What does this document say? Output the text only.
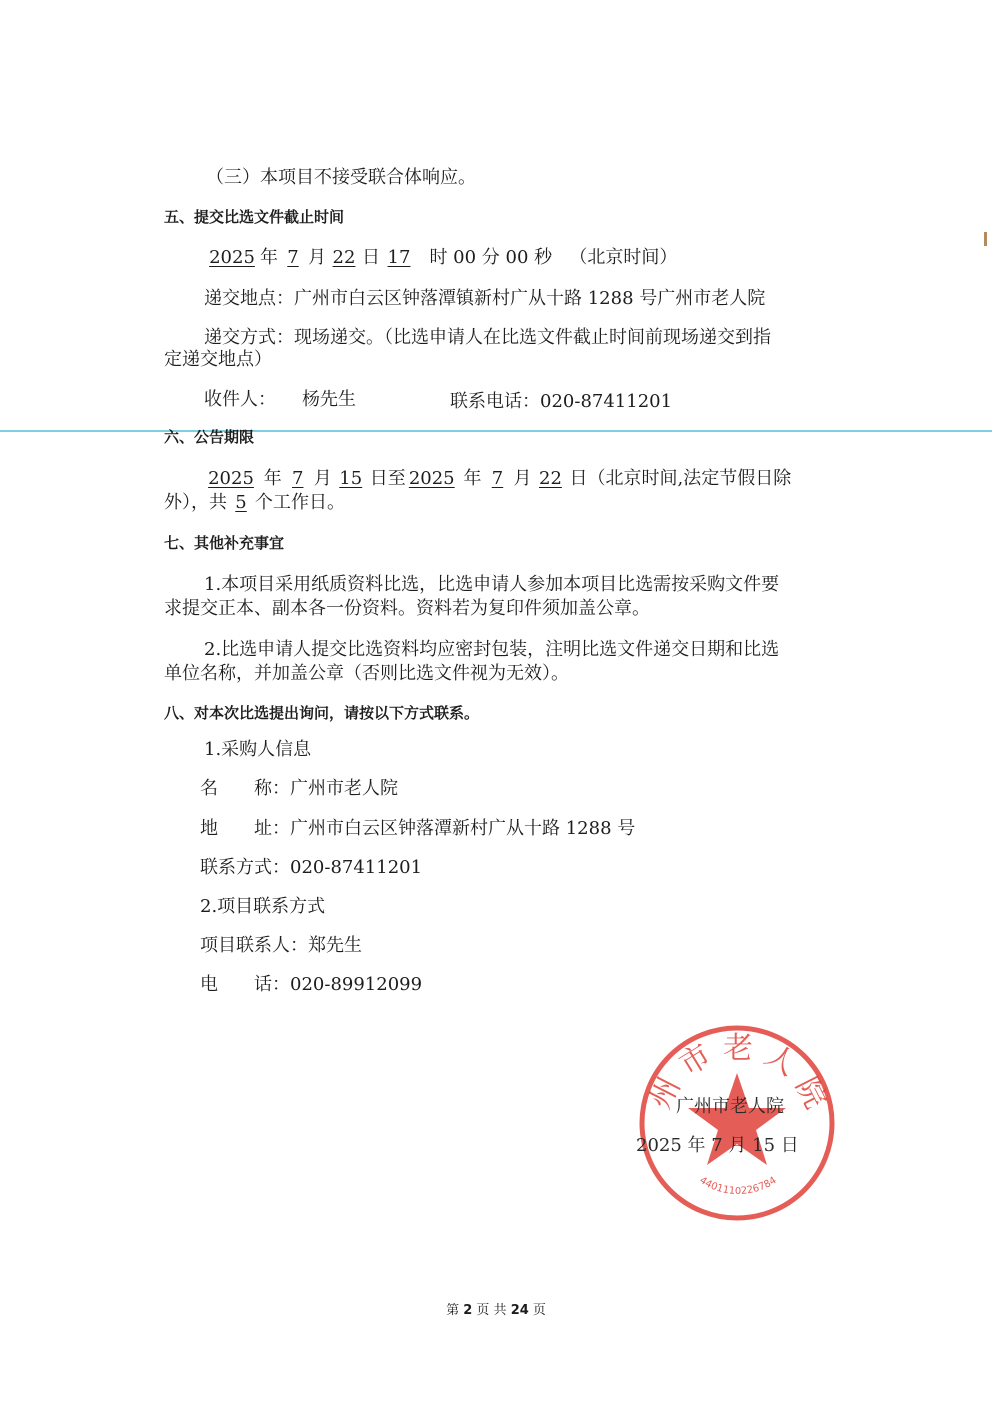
（三）本项目不接受联合体响应。
五、提交比选文件截止时间
2025 年 7 月 22 日 17 时 00 分 00 秒 （北京时间）
递交地点：广州市白云区钟落潭镇新村广从十路 1288 号广州市老人院
递交方式：现场递交。（比选申请人在比选文件截止时间前现场递交到指
定递交地点）
收件人： 杨先生	联系电话：020-87411201
六、公告期限
2025 年 7 月 15 日至 2025 年 7 月 22 日（北京时间,法定节假日除
外），共 5 个工作日。
七、其他补充事宜
1.本项目采用纸质资料比选，比选申请人参加本项目比选需按采购文件要
求提交正本、副本各一份资料。资料若为复印件须加盖公章。
2.比选申请人提交比选资料均应密封包装，注明比选文件递交日期和比选
单位名称，并加盖公章（否则比选文件视为无效）。
八、对本次比选提出询问，请按以下方式联系。
1.采购人信息
名　　称：广州市老人院
地　　址：广州市白云区钟落潭新村广从十路 1288 号
联系方式：020-87411201
2.项目联系方式
项目联系人：郑先生
电　　话：020-89912099
州 市 老 人 院
4401110226784
广州市老人院
2025 年 7 月 15 日
第 2 页 共 24 页
